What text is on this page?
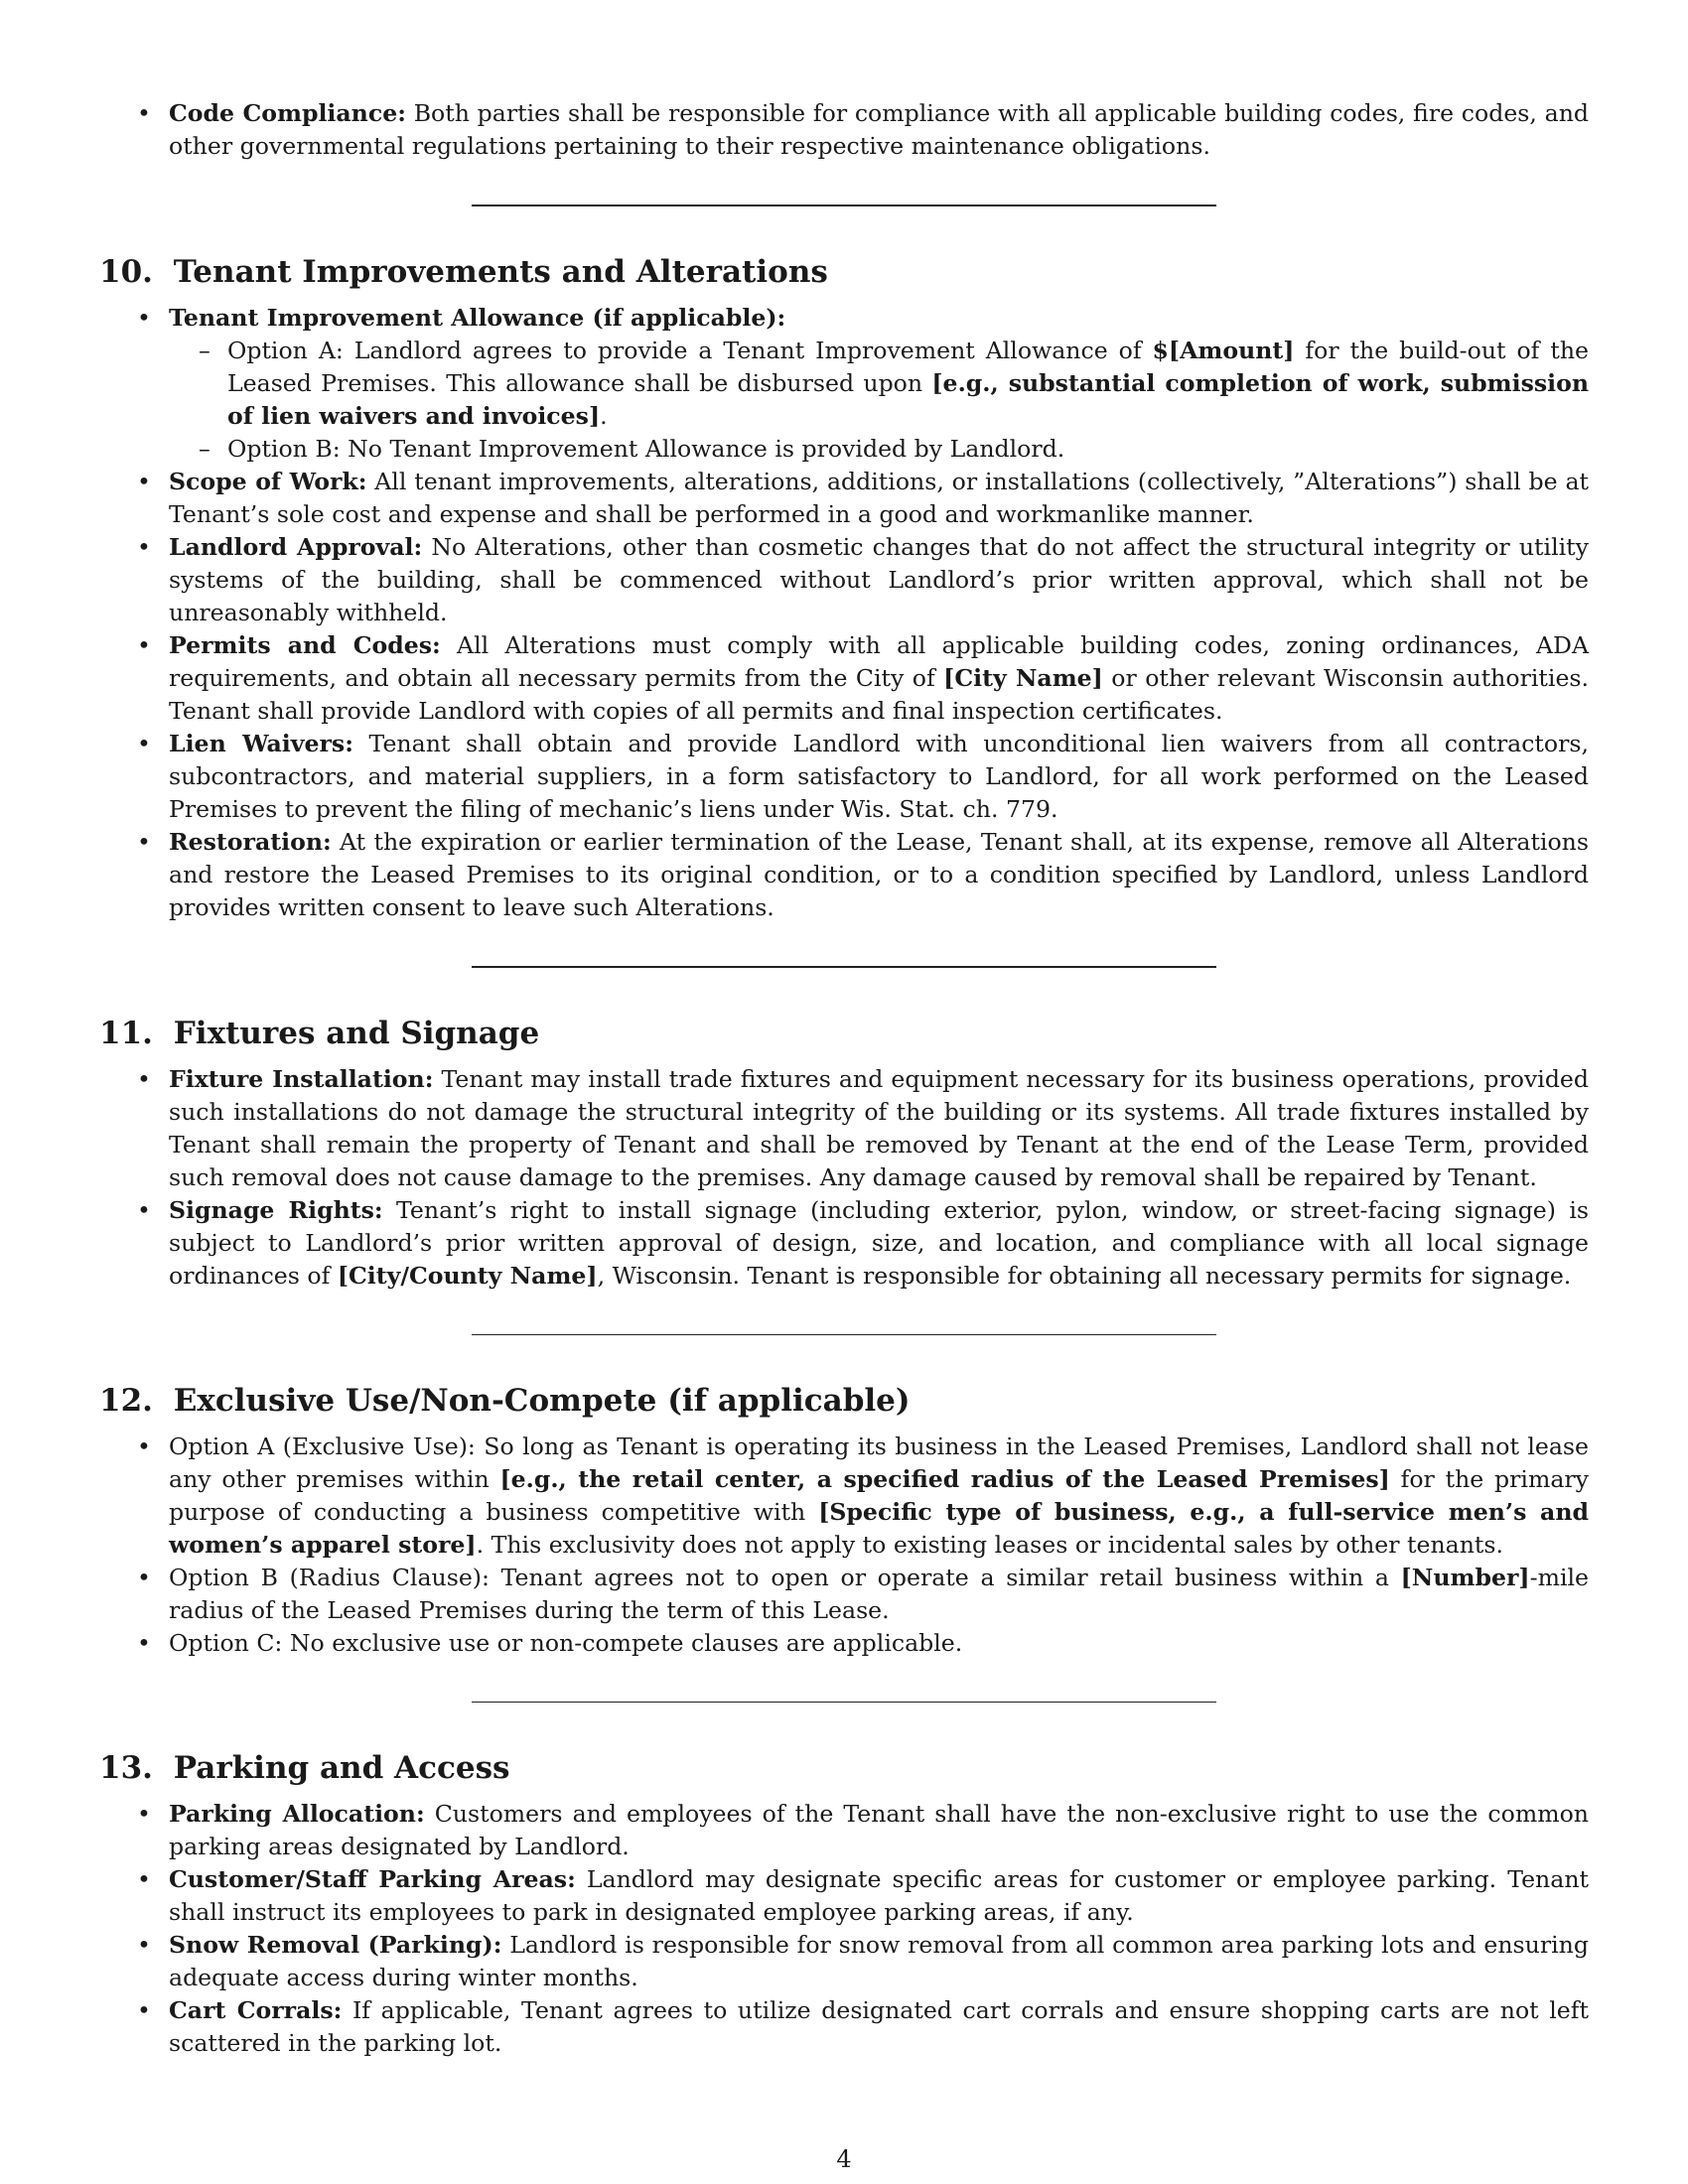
• Code Compliance: Both parties shall be responsible for compliance with all applicable building codes, fire codes, and other governmental regulations pertaining to their respective maintenance obligations.
10. Tenant Improvements and Alterations
• Tenant Improvement Allowance (if applicable):
– Option A: Landlord agrees to provide a Tenant Improvement Allowance of $[Amount] for the build-out of the Leased Premises. This allowance shall be disbursed upon [e.g., substantial completion of work, submission of lien waivers and invoices].
– Option B: No Tenant Improvement Allowance is provided by Landlord.
• Scope of Work: All tenant improvements, alterations, additions, or installations (collectively, ”Alterations”) shall be at Tenant’s sole cost and expense and shall be performed in a good and workmanlike manner.
• Landlord Approval: No Alterations, other than cosmetic changes that do not affect the structural integrity or utility systems of the building, shall be commenced without Landlord’s prior written approval, which shall not be unreasonably withheld.
• Permits and Codes: All Alterations must comply with all applicable building codes, zoning ordinances, ADA requirements, and obtain all necessary permits from the City of [City Name] or other relevant Wisconsin authorities. Tenant shall provide Landlord with copies of all permits and final inspection certificates.
• Lien Waivers: Tenant shall obtain and provide Landlord with unconditional lien waivers from all contractors, subcontractors, and material suppliers, in a form satisfactory to Landlord, for all work performed on the Leased Premises to prevent the filing of mechanic’s liens under Wis. Stat. ch. 779.
• Restoration: At the expiration or earlier termination of the Lease, Tenant shall, at its expense, remove all Alterations and restore the Leased Premises to its original condition, or to a condition specified by Landlord, unless Landlord provides written consent to leave such Alterations.
11. Fixtures and Signage
• Fixture Installation: Tenant may install trade fixtures and equipment necessary for its business operations, provided such installations do not damage the structural integrity of the building or its systems. All trade fixtures installed by Tenant shall remain the property of Tenant and shall be removed by Tenant at the end of the Lease Term, provided such removal does not cause damage to the premises. Any damage caused by removal shall be repaired by Tenant.
• Signage Rights: Tenant’s right to install signage (including exterior, pylon, window, or street-facing signage) is subject to Landlord’s prior written approval of design, size, and location, and compliance with all local signage ordinances of [City/County Name], Wisconsin. Tenant is responsible for obtaining all necessary permits for signage.
12. Exclusive Use/Non-Compete (if applicable)
• Option A (Exclusive Use): So long as Tenant is operating its business in the Leased Premises, Landlord shall not lease any other premises within [e.g., the retail center, a specified radius of the Leased Premises] for the primary purpose of conducting a business competitive with [Specific type of business, e.g., a full-service men’s and women’s apparel store]. This exclusivity does not apply to existing leases or incidental sales by other tenants.
• Option B (Radius Clause): Tenant agrees not to open or operate a similar retail business within a [Number]-mile radius of the Leased Premises during the term of this Lease.
• Option C: No exclusive use or non-compete clauses are applicable.
13. Parking and Access
• Parking Allocation: Customers and employees of the Tenant shall have the non-exclusive right to use the common parking areas designated by Landlord.
• Customer/Staff Parking Areas: Landlord may designate specific areas for customer or employee parking. Tenant shall instruct its employees to park in designated employee parking areas, if any.
• Snow Removal (Parking): Landlord is responsible for snow removal from all common area parking lots and ensuring adequate access during winter months.
• Cart Corrals: If applicable, Tenant agrees to utilize designated cart corrals and ensure shopping carts are not left scattered in the parking lot.
4
